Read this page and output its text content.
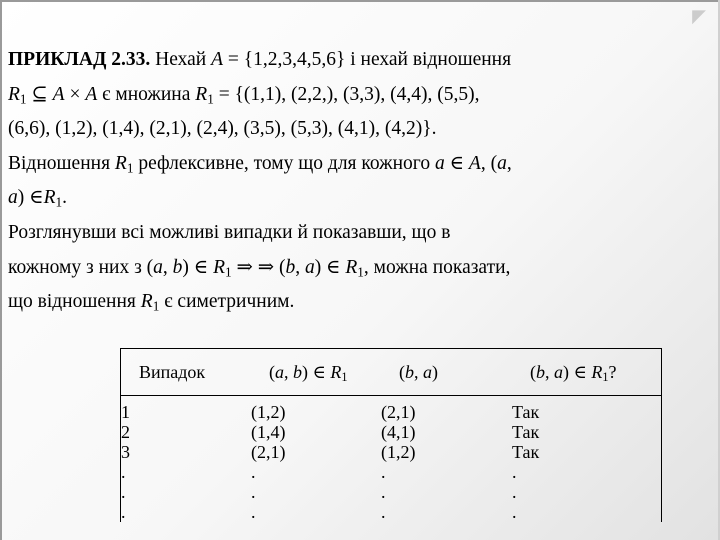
◤
ПРИКЛАД 2.33. Нехай A = {1,2,3,4,5,6} і нехай відношення
$R_1$ ⊆ A × A є множина $R_1 = \{(1,1)$, (2,2,), (3,3), (4,4), (5,5),
(6,6), (1,2), (1,4), (2,1), (2,4), (3,5), (5,3), (4,1), (4,2)}.
Відношення $R_1$ рефлексивне, тому що для кожного a ∈ A, (a,
a) $\in R_1$.
Розглянувши всі можливі випадки й показавши, що в
кожному з них з (a, b) ∈ $R_1$ ⇒ ⇒ (b, a) ∈ $R_1$, можна показати,
що відношення $R_1$ є симетричним.
Випадок	(a, b) ∈ $R_1$	(b, a)	(b, a) ∈ $R_1$?
1	(1,2)	(2,1)	Так
2	(1,4)	(4,1)	Так
3	(2,1)	(1,2)	Так
.	.	.	.
.	.	.	.
.	.	.	.
